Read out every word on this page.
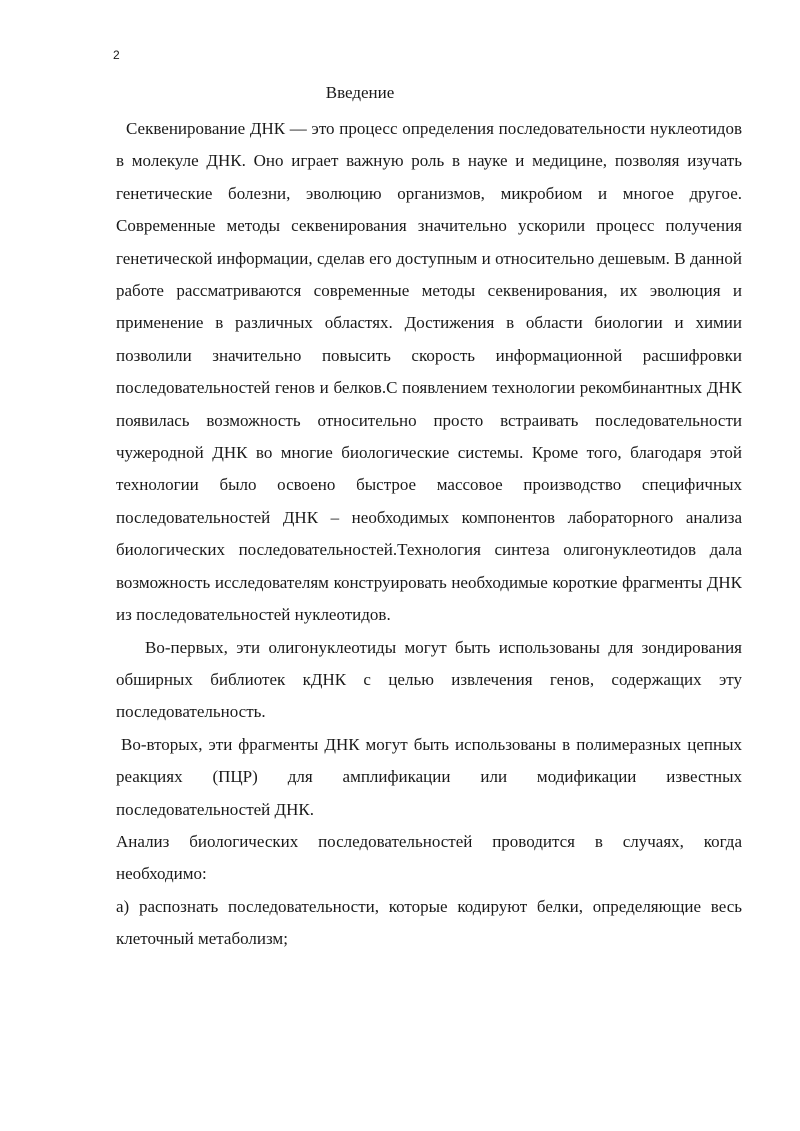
2
Введение

Секвенирование ДНК — это процесс определения последовательности нуклеотидов в молекуле ДНК. Оно играет важную роль в науке и медицине, позволяя изучать генетические болезни, эволюцию организмов, микробиом и многое другое. Современные методы секвенирования значительно ускорили процесс получения генетической информации, сделав его доступным и относительно дешевым. В данной работе рассматриваются современные методы секвенирования, их эволюция и применение в различных областях. Достижения в области биологии и химии позволили значительно повысить скорость информационной расшифровки последовательностей генов и белков.С появлением технологии рекомбинантных ДНК появилась возможность относительно просто встраивать последовательности чужеродной ДНК во многие биологические системы. Кроме того, благодаря этой технологии было освоено быстрое массовое производство специфичных последовательностей ДНК – необходимых компонентов лабораторного анализа биологических последовательностей.Технология синтеза олигонуклеотидов дала возможность исследователям конструировать необходимые короткие фрагменты ДНК из последовательностей нуклеотидов.

Во-первых, эти олигонуклеотиды могут быть использованы для зондирования обширных библиотек кДНК с целью извлечения генов, содержащих эту последовательность.

Во-вторых, эти фрагменты ДНК могут быть использованы в полимеразных цепных реакциях (ПЦР) для амплификации или модификации известных последовательностей ДНК.

Анализ биологических последовательностей проводится в случаях, когда необходимо:

а) распознать последовательности, которые кодируют белки, определяющие весь клеточный метаболизм;
